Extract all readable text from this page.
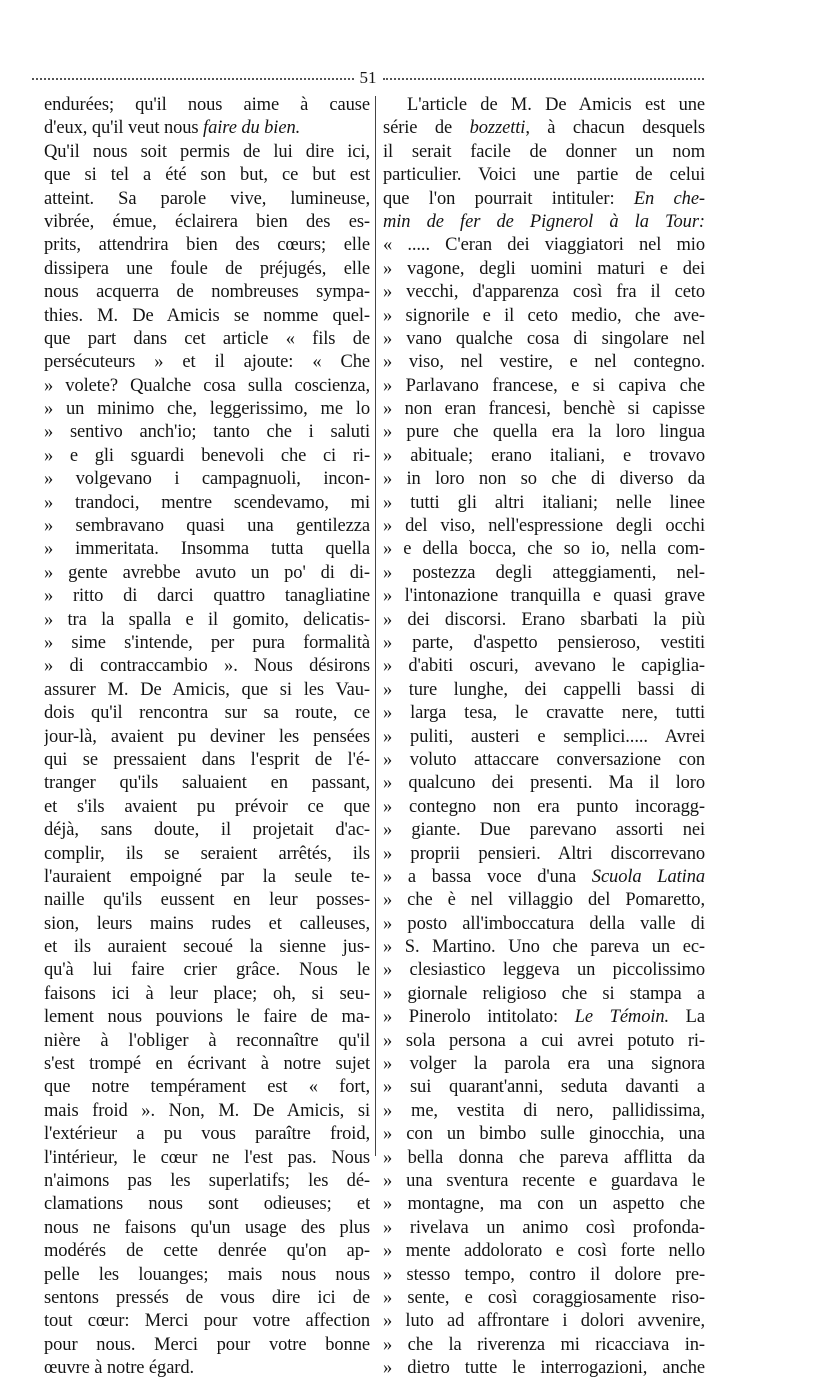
51
endurées; qu'il nous aime à cause
d'eux, qu'il veut nous faire du bien.
Qu'il nous soit permis de lui dire ici,
que si tel a été son but, ce but est
atteint. Sa parole vive, lumineuse,
vibrée, émue, éclairera bien des es-
prits, attendrira bien des cœurs; elle
dissipera une foule de préjugés, elle
nous acquerra de nombreuses sympa-
thies. M. De Amicis se nomme quel-
que part dans cet article « fils de
persécuteurs » et il ajoute: « Che
» volete? Qualche cosa sulla coscienza,
» un minimo che, leggerissimo, me lo
» sentivo anch'io; tanto che i saluti
» e gli sguardi benevoli che ci ri-
» volgevano i campagnuoli, incon-
» trandoci, mentre scendevamo, mi
» sembravano quasi una gentilezza
» immeritata. Insomma tutta quella
» gente avrebbe avuto un po' di di-
» ritto di darci quattro tanagliatine
» tra la spalla e il gomito, delicatis-
» sime s'intende, per pura formalità
» di contraccambio ». Nous désirons
assurer M. De Amicis, que si les Vau-
dois qu'il rencontra sur sa route, ce
jour-là, avaient pu deviner les pensées
qui se pressaient dans l'esprit de l'é-
tranger qu'ils saluaient en passant,
et s'ils avaient pu prévoir ce que
déjà, sans doute, il projetait d'ac-
complir, ils se seraient arrêtés, ils
l'auraient empoigné par la seule te-
naille qu'ils eussent en leur posses-
sion, leurs mains rudes et calleuses,
et ils auraient secoué la sienne jus-
qu'à lui faire crier grâce. Nous le
faisons ici à leur place; oh, si seu-
lement nous pouvions le faire de ma-
nière à l'obliger à reconnaître qu'il
s'est trompé en écrivant à notre sujet
que notre tempérament est « fort,
mais froid ». Non, M. De Amicis, si
l'extérieur a pu vous paraître froid,
l'intérieur, le cœur ne l'est pas. Nous
n'aimons pas les superlatifs; les dé-
clamations nous sont odieuses; et
nous ne faisons qu'un usage des plus
modérés de cette denrée qu'on ap-
pelle les louanges; mais nous nous
sentons pressés de vous dire ici de
tout cœur: Merci pour votre affection
pour nous. Merci pour votre bonne
œuvre à notre égard.
L'article de M. De Amicis est une
série de bozzetti, à chacun desquels
il serait facile de donner un nom
particulier. Voici une partie de celui
que l'on pourrait intituler: En che-
min de fer de Pignerol à la Tour:
« ..... C'eran dei viaggiatori nel mio
» vagone, degli uomini maturi e dei
» vecchi, d'apparenza così fra il ceto
» signorile e il ceto medio, che ave-
» vano qualche cosa di singolare nel
» viso, nel vestire, e nel contegno.
» Parlavano francese, e si capiva che
» non eran francesi, benchè si capisse
» pure che quella era la loro lingua
» abituale; erano italiani, e trovavo
» in loro non so che di diverso da
» tutti gli altri italiani; nelle linee
» del viso, nell'espressione degli occhi
» e della bocca, che so io, nella com-
» postezza degli atteggiamenti, nel-
» l'intonazione tranquilla e quasi grave
» dei discorsi. Erano sbarbati la più
» parte, d'aspetto pensieroso, vestiti
» d'abiti oscuri, avevano le capiglia-
» ture lunghe, dei cappelli bassi di
» larga tesa, le cravatte nere, tutti
» puliti, austeri e semplici..... Avrei
» voluto attaccare conversazione con
» qualcuno dei presenti. Ma il loro
» contegno non era punto incoragg-
» giante. Due parevano assorti nei
» proprii pensieri. Altri discorrevano
» a bassa voce d'una Scuola Latina
» che è nel villaggio del Pomaretto,
» posto all'imboccatura della valle di
» S. Martino. Uno che pareva un ec-
» clesiastico leggeva un piccolissimo
» giornale religioso che si stampa a
» Pinerolo intitolato: Le Témoin. La
» sola persona a cui avrei potuto ri-
» volger la parola era una signora
» sui quarant'anni, seduta davanti a
» me, vestita di nero, pallidissima,
» con un bimbo sulle ginocchia, una
» bella donna che pareva afflitta da
» una sventura recente e guardava le
» montagne, ma con un aspetto che
» rivelava un animo così profonda-
» mente addolorato e così forte nello
» stesso tempo, contro il dolore pre-
» sente, e così coraggiosamente riso-
» luto ad affrontare i dolori avvenire,
» che la riverenza mi ricacciava in-
» dietro tutte le interrogazioni, anche
